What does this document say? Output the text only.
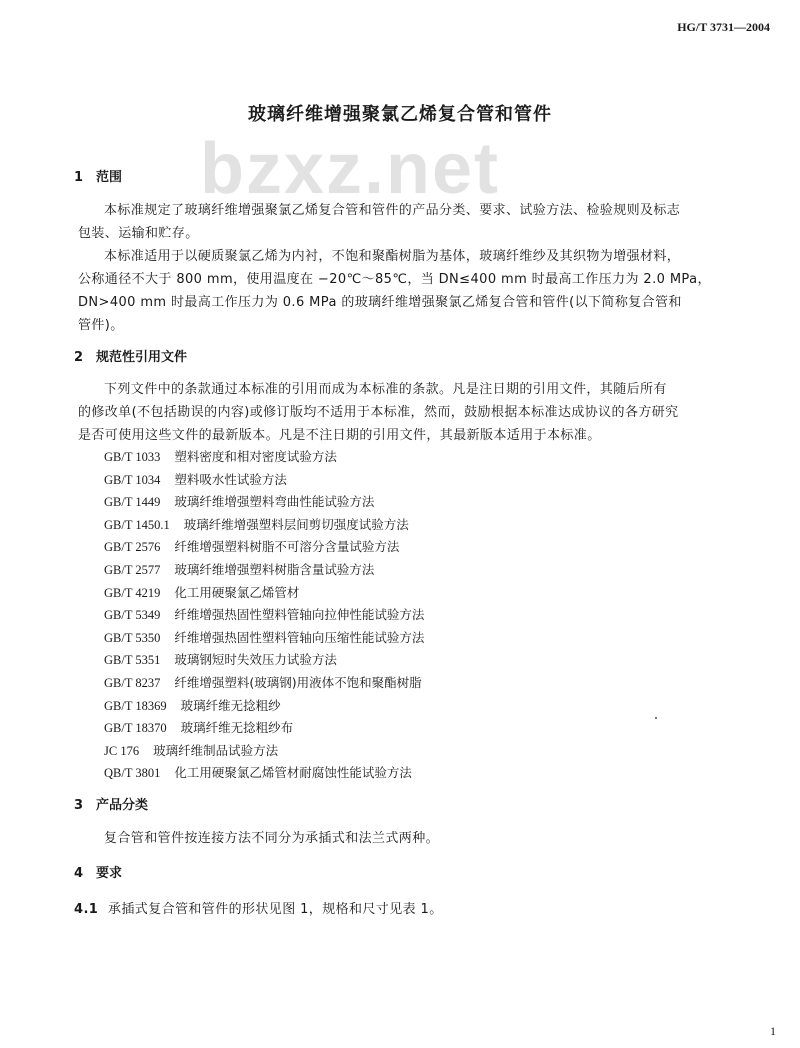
HG/T 3731—2004
bzxz.net
玻璃纤维增强聚氯乙烯复合管和管件
1 范围
本标准规定了玻璃纤维增强聚氯乙烯复合管和管件的产品分类、要求、试验方法、检验规则及标志
包装、运输和贮存。
本标准适用于以硬质聚氯乙烯为内衬，不饱和聚酯树脂为基体，玻璃纤维纱及其织物为增强材料，
公称通径不大于 800 mm，使用温度在 −20℃～85℃，当 DN≤400 mm 时最高工作压力为 2.0 MPa，
DN>400 mm 时最高工作压力为 0.6 MPa 的玻璃纤维增强聚氯乙烯复合管和管件(以下简称复合管和
管件)。
2 规范性引用文件
下列文件中的条款通过本标准的引用而成为本标准的条款。凡是注日期的引用文件，其随后所有
的修改单(不包括勘误的内容)或修订版均不适用于本标准，然而，鼓励根据本标准达成协议的各方研究
是否可使用这些文件的最新版本。凡是不注日期的引用文件，其最新版本适用于本标准。
GB/T 1033 塑料密度和相对密度试验方法
GB/T 1034 塑料吸水性试验方法
GB/T 1449 玻璃纤维增强塑料弯曲性能试验方法
GB/T 1450.1 玻璃纤维增强塑料层间剪切强度试验方法
GB/T 2576 纤维增强塑料树脂不可溶分含量试验方法
GB/T 2577 玻璃纤维增强塑料树脂含量试验方法
GB/T 4219 化工用硬聚氯乙烯管材
GB/T 5349 纤维增强热固性塑料管轴向拉伸性能试验方法
GB/T 5350 纤维增强热固性塑料管轴向压缩性能试验方法
GB/T 5351 玻璃钢短时失效压力试验方法
GB/T 8237 纤维增强塑料(玻璃钢)用液体不饱和聚酯树脂
GB/T 18369 玻璃纤维无捻粗纱
GB/T 18370 玻璃纤维无捻粗纱布
JC 176 玻璃纤维制品试验方法
QB/T 3801 化工用硬聚氯乙烯管材耐腐蚀性能试验方法
3 产品分类
复合管和管件按连接方法不同分为承插式和法兰式两种。
4 要求
4.1 承插式复合管和管件的形状见图 1，规格和尺寸见表 1。
1
